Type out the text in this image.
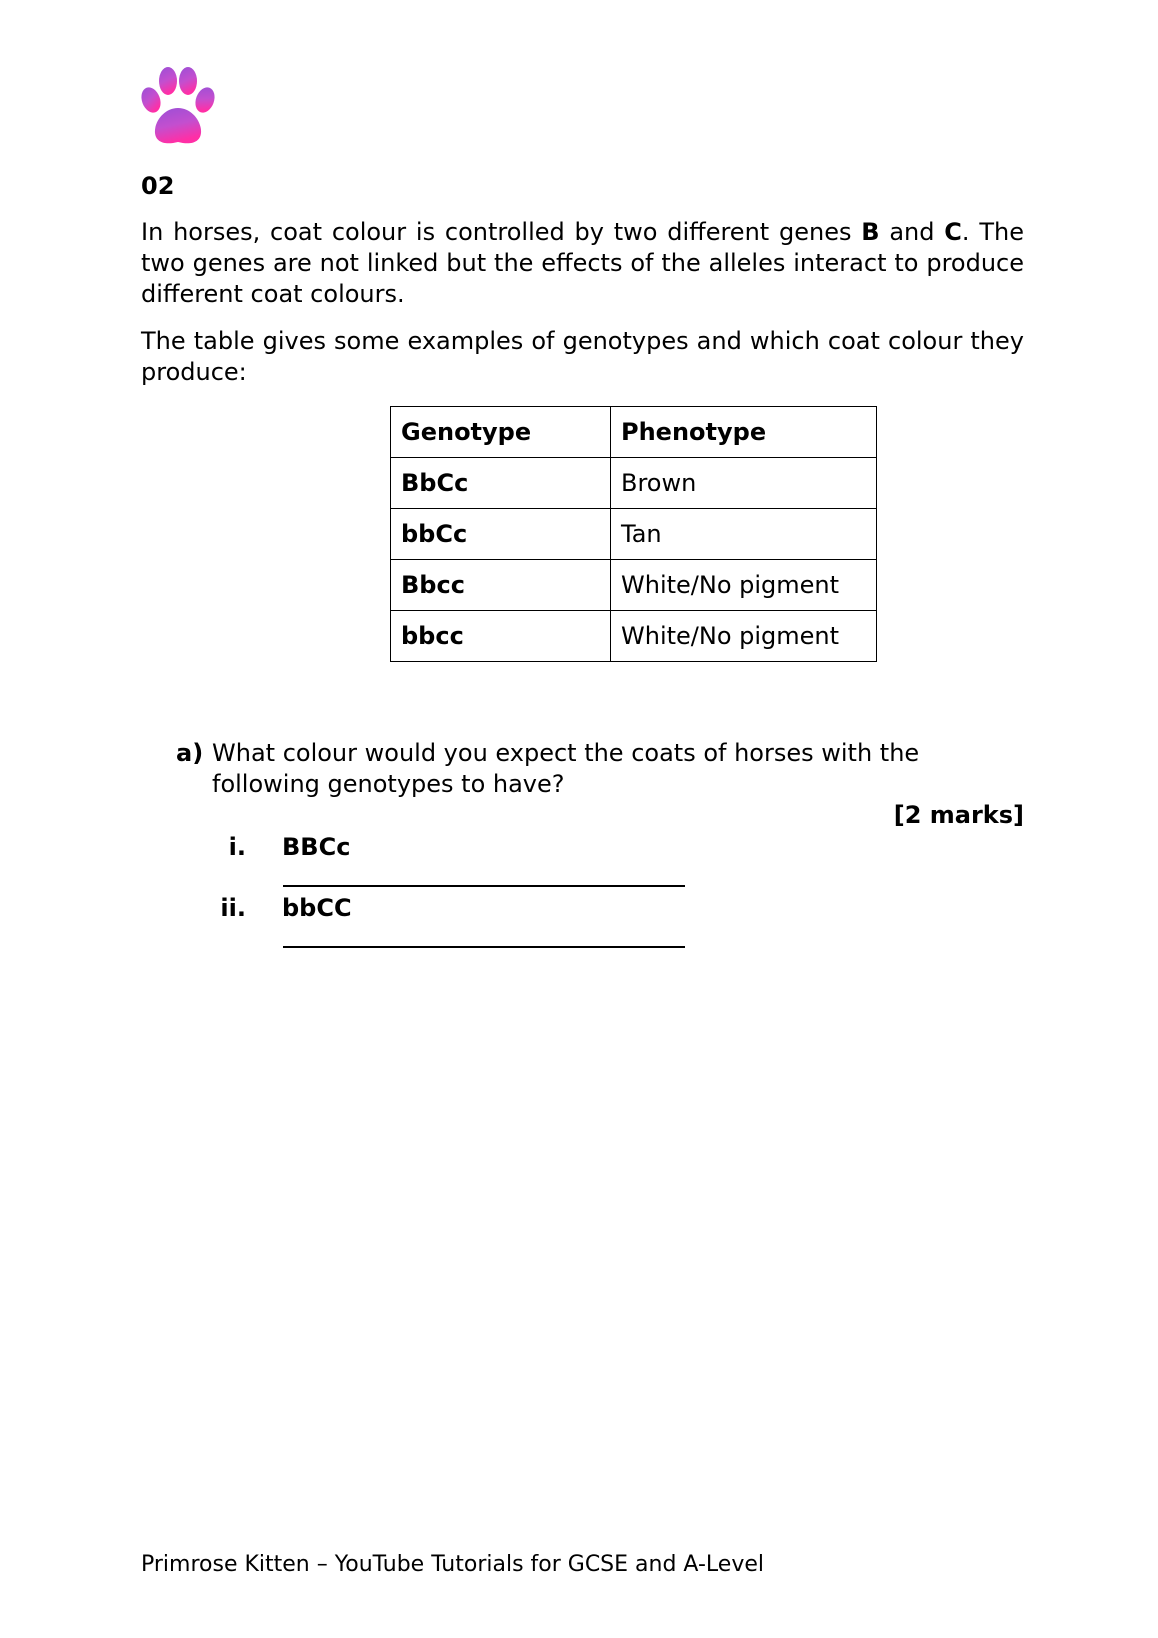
02
In horses, coat colour is controlled by two different genes B and C. The two genes are not linked but the effects of the alleles interact to produce different coat colours.
The table gives some examples of genotypes and which coat colour they produce:
Genotype	Phenotype
BbCc	Brown
bbCc	Tan
Bbcc	White/No pigment
bbcc	White/No pigment
a) What colour would you expect the coats of horses with the following genotypes to have?
[2 marks]
i. BBCc
ii. bbCC
Primrose Kitten – YouTube Tutorials for GCSE and A-Level
